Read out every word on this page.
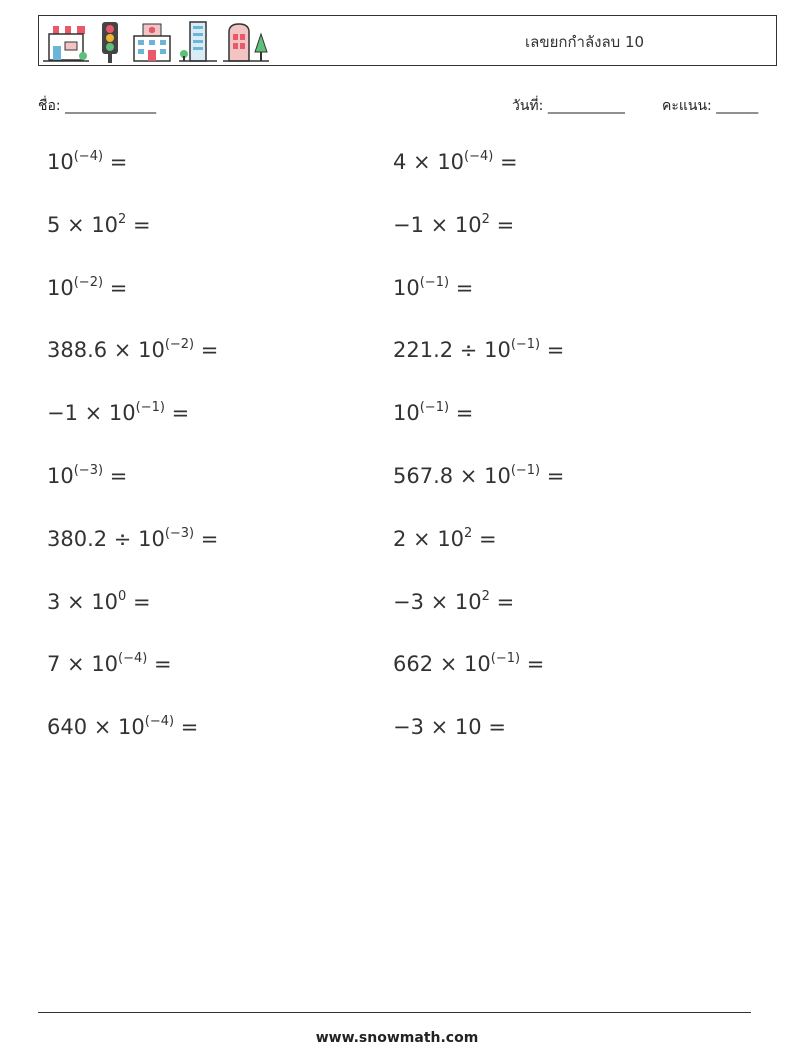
เลขยกกำลังลบ 10
ชื่อ: _____________	วันที่: ___________	คะแนน: ______
$10^{(-4)}$ =
$5 \times 10^2$ =
$10^{(-2)}$ =
$388.6 \times 10^{(-2)}$ =
$-1 \times 10^{(-1)}$ =
$10^{(-3)}$ =
$380.2 \div 10^{(-3)}$ =
$3 \times 10^0$ =
$7 \times 10^{(-4)}$ =
$640 \times 10^{(-4)}$ =
$4 \times 10^{(-4)}$ =
$-1 \times 10^2$ =
$10^{(-1)}$ =
$221.2 \div 10^{(-1)}$ =
$10^{(-1)}$ =
$567.8 \times 10^{(-1)}$ =
$2 \times 10^2$ =
$-3 \times 10^2$ =
$662 \times 10^{(-1)}$ =
−3 × 10 =
www.snowmath.com
